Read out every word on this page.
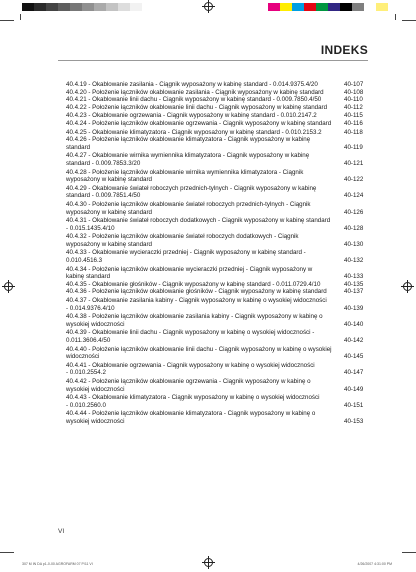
INDEKS
40.4.19 - Okablowanie zasilania - Ciągnik wyposażony w kabinę standard - 0.014.9375.4/20	40-107
40.4.20 - Położenie łączników okablowanie zasilania - Ciągnik wyposażony w kabinę standard	40-108
40.4.21 - Okablowanie linii dachu - Ciągnik wyposażony w kabinę standard - 0.009.7850.4/50	40-110
40.4.22 - Położenie łączników okablowanie linii dachu - Ciągnik wyposażony w kabinę standard	40-112
40.4.23 - Okablowanie ogrzewania - Ciągnik wyposażony w kabinę standard - 0.010.2147.2	40-115
40.4.24 - Położenie łączników okablowanie ogrzewania - Ciągnik wyposażony w kabinę standard	40-116
40.4.25 - Okablowanie klimatyzatora - Ciągnik wyposażony w kabinę standard - 0.010.2153.2	40-118
40.4.26 - Położenie łączników okablowanie klimatyzatora - Ciągnik wyposażony w kabinę
standard	40-119
40.4.27 - Okablowanie wirnika wymiennika klimatyzatora - Ciągnik wyposażony w kabinę
standard - 0.009.7853.3/20	40-121
40.4.28 - Położenie łączników okablowanie wirnika wymiennika klimatyzatora - Ciągnik
wyposażony w kabinę standard	40-122
40.4.29 - Okablowanie świateł roboczych przednich-tylnych - Ciągnik wyposażony w kabinę
standard - 0.009.7851.4/50	40-124
40.4.30 - Położenie łączników okablowanie świateł roboczych przednich-tylnych - Ciągnik
wyposażony w kabinę standard	40-126
40.4.31 - Okablowanie świateł roboczych dodatkowych - Ciągnik wyposażony w kabinę standard
- 0.015.1435.4/10	40-128
40.4.32 - Położenie łączników okablowanie świateł roboczych dodatkowych - Ciągnik
wyposażony w kabinę standard	40-130
40.4.33 - Okablowanie wycieraczki przedniej - Ciągnik wyposażony w kabinę standard -
0.010.4516.3	40-132
40.4.34 - Położenie łączników okablowanie wycieraczki przedniej - Ciągnik wyposażony w
kabinę standard	40-133
40.4.35 - Okablowanie głośników - Ciągnik wyposażony w kabinę standard - 0.011.0729.4/10	40-135
40.4.36 - Położenie łączników okablowanie głośników - Ciągnik wyposażony w kabinę standard	40-137
40.4.37 - Okablowanie zasilania kabiny - Ciągnik wyposażony w kabinę o wysokiej widoczności
- 0.014.9376.4/10	40-139
40.4.38 - Położenie łączników okablowanie zasilania kabiny - Ciągnik wyposażony w kabinę o
wysokiej widoczności	40-140
40.4.39 - Okablowanie linii dachu - Ciągnik wyposażony w kabinę o wysokiej widoczności -
0.011.3606.4/50	40-142
40.4.40 - Położenie łączników okablowanie linii dachu - Ciągnik wyposażony w kabinę o wysokiej
widoczności	40-145
40.4.41 - Okablowanie ogrzewania - Ciągnik wyposażony w kabinę o wysokiej widoczności
- 0.010.2554.2	40-147
40.4.42 - Położenie łączników okablowanie ogrzewania - Ciągnik wyposażony w kabinę o
wysokiej widoczności	40-149
40.4.43 - Okablowanie klimatyzatora - Ciągnik wyposażony w kabinę o wysokiej widoczności
- 0.010.2560.0	40-151
40.4.44 - Położenie łączników okablowanie klimatyzatora - Ciągnik wyposażony w kabinę o
wysokiej widoczności	40-153
VI
307 M IN DA p1-0-00 AGROFARM 07 P/11 VI	4/26/2007 4:31:00 PM
